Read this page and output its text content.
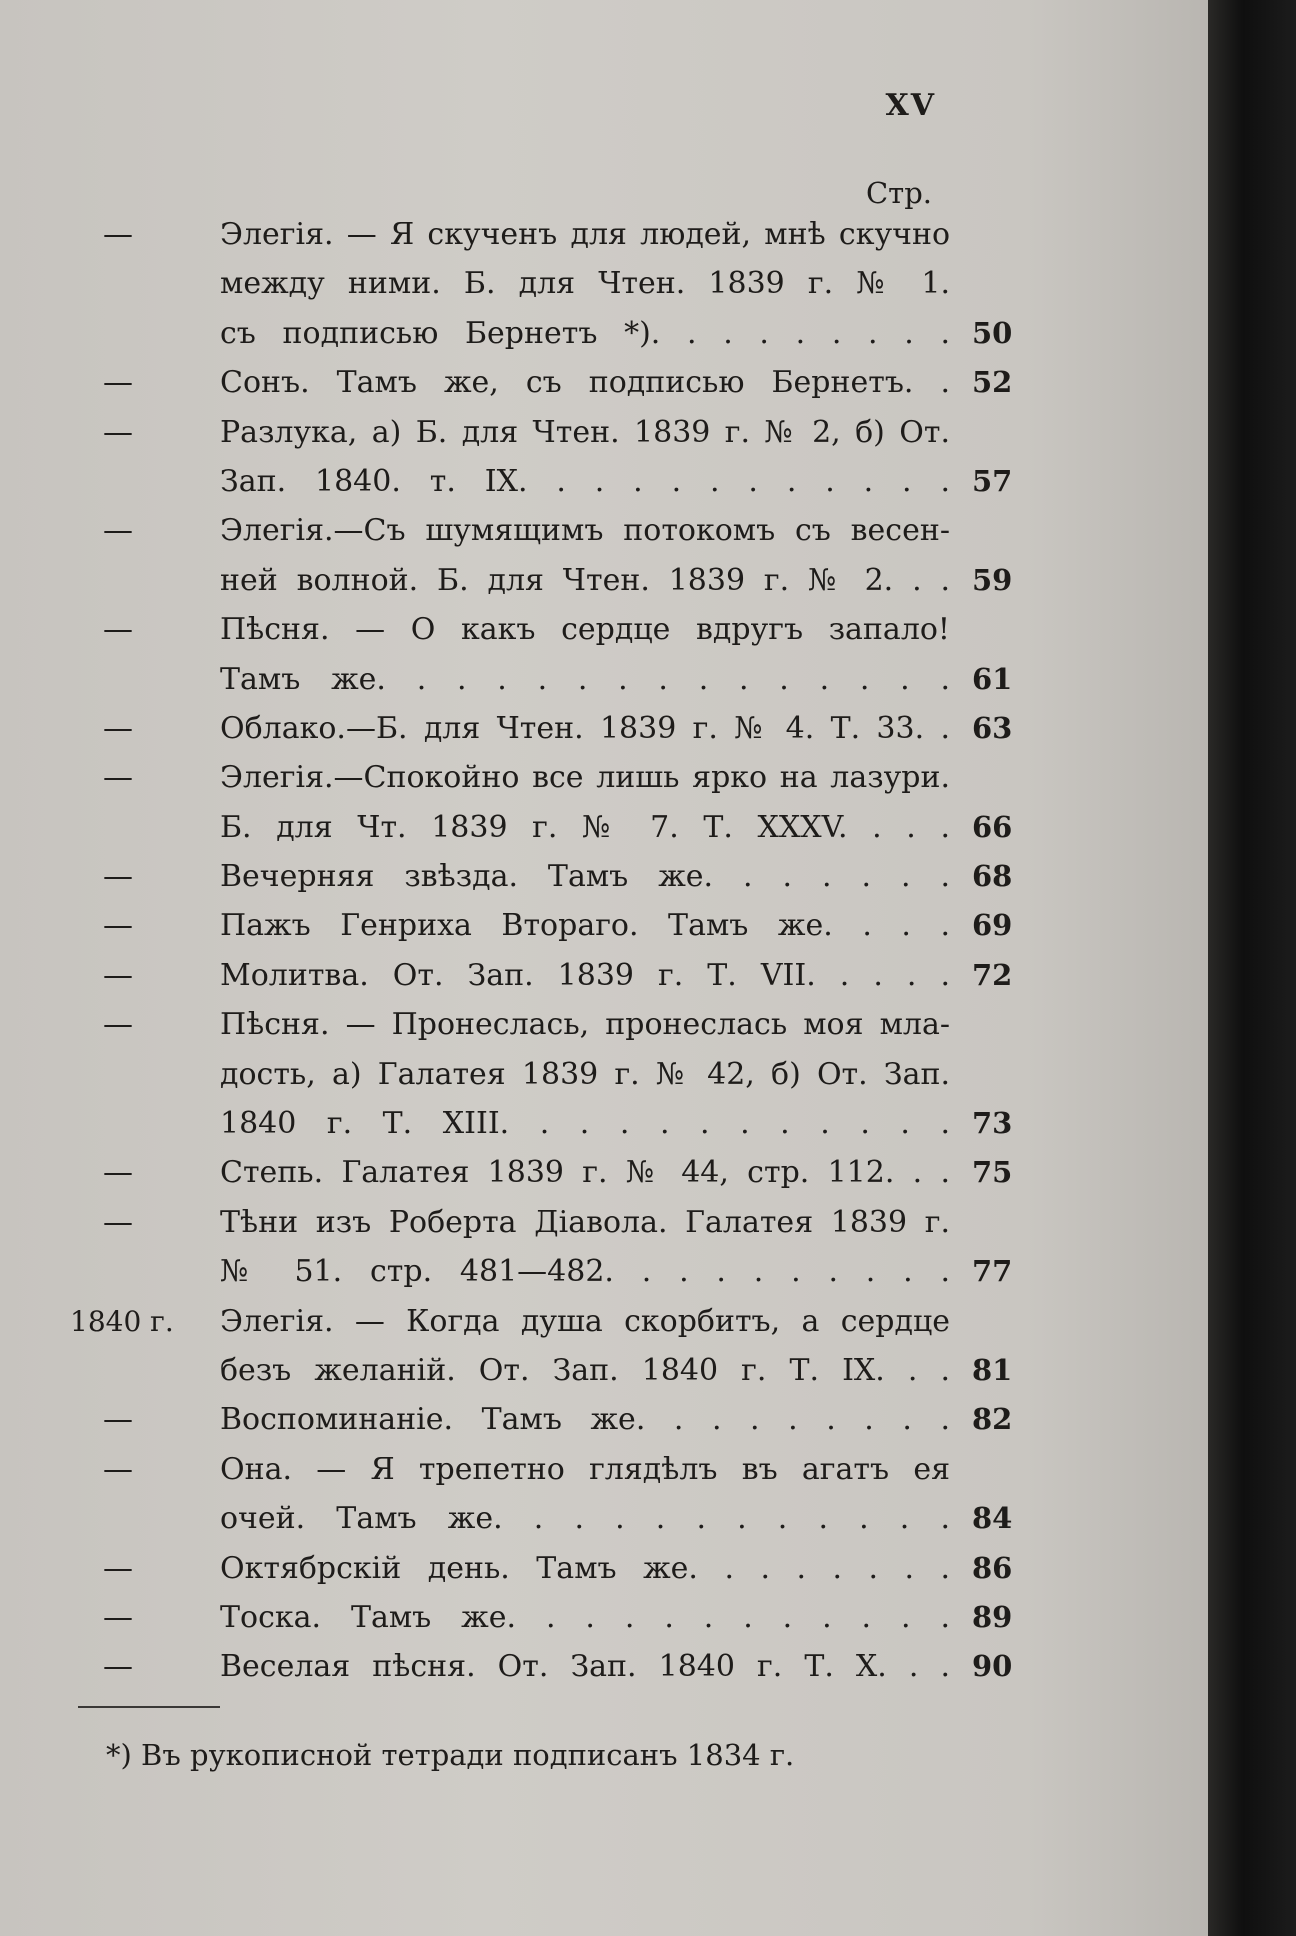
XV
Стр.
—	Элегія. — Я скученъ для людей, мнѣ скучно
между ними. Б. для Чтен. 1839 г. № 1.
съ подписью Бернетъ *). . . . . . . . . 50
—	Сонъ. Тамъ же, съ подписью Бернетъ. . 52
—	Разлука, а) Б. для Чтен. 1839 г. № 2, б) От.
Зап. 1840. т. IX. . . . . . . . . . . . 57
—	Элегія.—Съ шумящимъ потокомъ съ весен-
ней волной. Б. для Чтен. 1839 г. № 2. . . 59
—	Пѣсня. — О какъ сердце вдругъ запало!
Тамъ же. . . . . . . . . . . . . . . 61
—	Облако.—Б. для Чтен. 1839 г. № 4. Т. 33. . 63
—	Элегія.—Спокойно все лишь ярко на лазури.
Б. для Чт. 1839 г. № 7. Т. XXXV. . . . 66
—	Вечерняя звѣзда. Тамъ же. . . . . . . 68
—	Пажъ Генриха Втораго. Тамъ же. . . . 69
—	Молитва. От. Зап. 1839 г. Т. VII. . . . . 72
—	Пѣсня. — Пронеслась, пронеслась моя мла-
дость, а) Галатея 1839 г. № 42, б) От. Зап.
1840 г. Т. XIII. . . . . . . . . . . . 73
—	Степь. Галатея 1839 г. № 44, стр. 112. . . 75
—	Тѣни изъ Роберта Діавола. Галатея 1839 г.
№ 51. стр. 481—482. . . . . . . . . . 77
1840 г. Элегія. — Когда душа скорбитъ, а сердце
безъ желаній. От. Зап. 1840 г. Т. IX. . . 81
—	Воспоминаніе. Тамъ же. . . . . . . . . 82
—	Она. — Я трепетно глядѣлъ въ агатъ ея
очей. Тамъ же. . . . . . . . . . . . 84
—	Октябрскій день. Тамъ же. . . . . . . . 86
—	Тоска. Тамъ же. . . . . . . . . . . . 89
—	Веселая пѣсня. От. Зап. 1840 г. Т. X. . . 90
*) Въ рукописной тетради подписанъ 1834 г.
